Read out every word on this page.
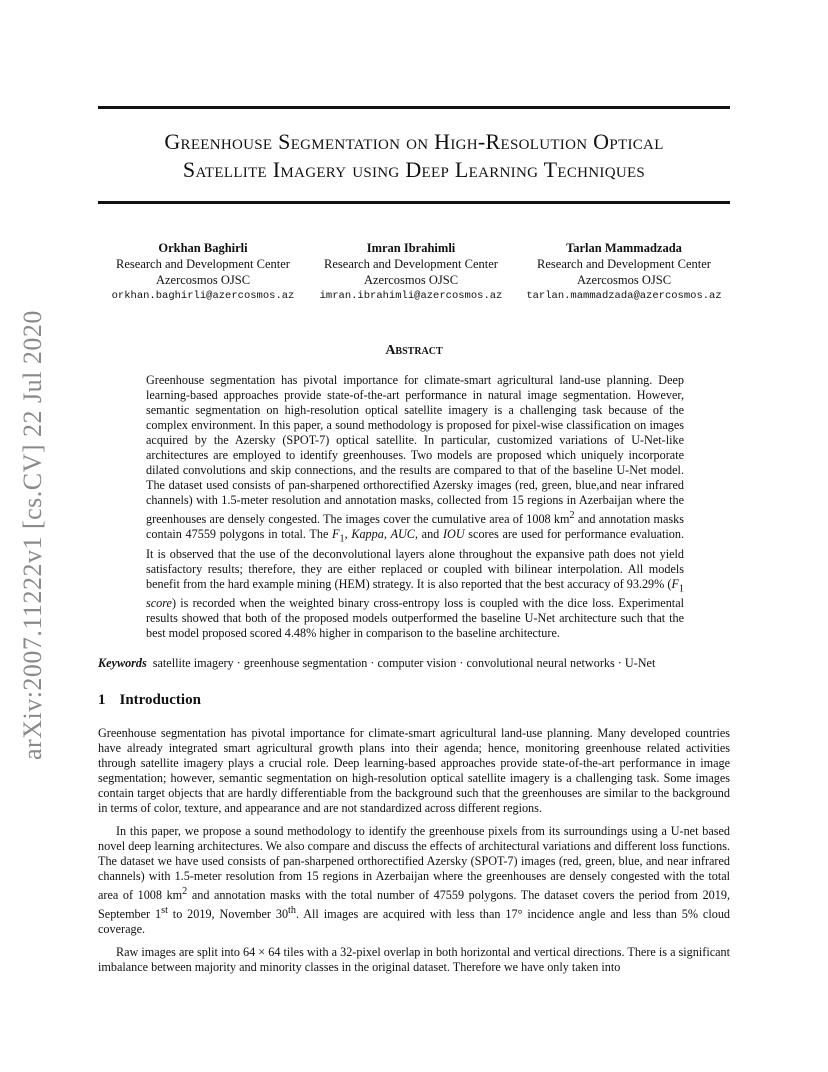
arXiv:2007.11222v1 [cs.CV] 22 Jul 2020
Greenhouse Segmentation on High-Resolution Optical
Satellite Imagery using Deep Learning Techniques
Orkhan Baghirli
Research and Development Center
Azercosmos OJSC
orkhan.baghirli@azercosmos.az
Imran Ibrahimli
Research and Development Center
Azercosmos OJSC
imran.ibrahimli@azercosmos.az
Tarlan Mammadzada
Research and Development Center
Azercosmos OJSC
tarlan.mammadzada@azercosmos.az
Abstract
Greenhouse segmentation has pivotal importance for climate-smart agricultural land-use planning. Deep learning-based approaches provide state-of-the-art performance in natural image segmentation. However, semantic segmentation on high-resolution optical satellite imagery is a challenging task because of the complex environment. In this paper, a sound methodology is proposed for pixel-wise classification on images acquired by the Azersky (SPOT-7) optical satellite. In particular, customized variations of U-Net-like architectures are employed to identify greenhouses. Two models are proposed which uniquely incorporate dilated convolutions and skip connections, and the results are compared to that of the baseline U-Net model. The dataset used consists of pan-sharpened orthorectified Azersky images (red, green, blue,and near infrared channels) with 1.5-meter resolution and annotation masks, collected from 15 regions in Azerbaijan where the greenhouses are densely congested. The images cover the cumulative area of 1008 $km^2$ and annotation masks contain 47559 polygons in total. The $F_1$, Kappa, AUC, and IOU scores are used for performance evaluation. It is observed that the use of the deconvolutional layers alone throughout the expansive path does not yield satisfactory results; therefore, they are either replaced or coupled with bilinear interpolation. All models benefit from the hard example mining (HEM) strategy. It is also reported that the best accuracy of 93.29% ($F_1$ score) is recorded when the weighted binary cross-entropy loss is coupled with the dice loss. Experimental results showed that both of the proposed models outperformed the baseline U-Net architecture such that the best model proposed scored 4.48% higher in comparison to the baseline architecture.
Keywords satellite imagery · greenhouse segmentation · computer vision · convolutional neural networks · U-Net
1 Introduction

Greenhouse segmentation has pivotal importance for climate-smart agricultural land-use planning. Many developed countries have already integrated smart agricultural growth plans into their agenda; hence, monitoring greenhouse related activities through satellite imagery plays a crucial role. Deep learning-based approaches provide state-of-the-art performance in image segmentation; however, semantic segmentation on high-resolution optical satellite imagery is a challenging task. Some images contain target objects that are hardly differentiable from the background such that the greenhouses are similar to the background in terms of color, texture, and appearance and are not standardized across different regions.

In this paper, we propose a sound methodology to identify the greenhouse pixels from its surroundings using a U-net based novel deep learning architectures. We also compare and discuss the effects of architectural variations and different loss functions. The dataset we have used consists of pan-sharpened orthorectified Azersky (SPOT-7) images (red, green, blue, and near infrared channels) with 1.5-meter resolution from 15 regions in Azerbaijan where the greenhouses are densely congested with the total area of 1008 $km^2$ and annotation masks with the total number of 47559 polygons. The dataset covers the period from 2019, September 1st to 2019, November 30th. All images are acquired with less than 17° incidence angle and less than 5% cloud coverage.

Raw images are split into 64 × 64 tiles with a 32-pixel overlap in both horizontal and vertical directions. There is a significant imbalance between majority and minority classes in the original dataset. Therefore we have only taken into
